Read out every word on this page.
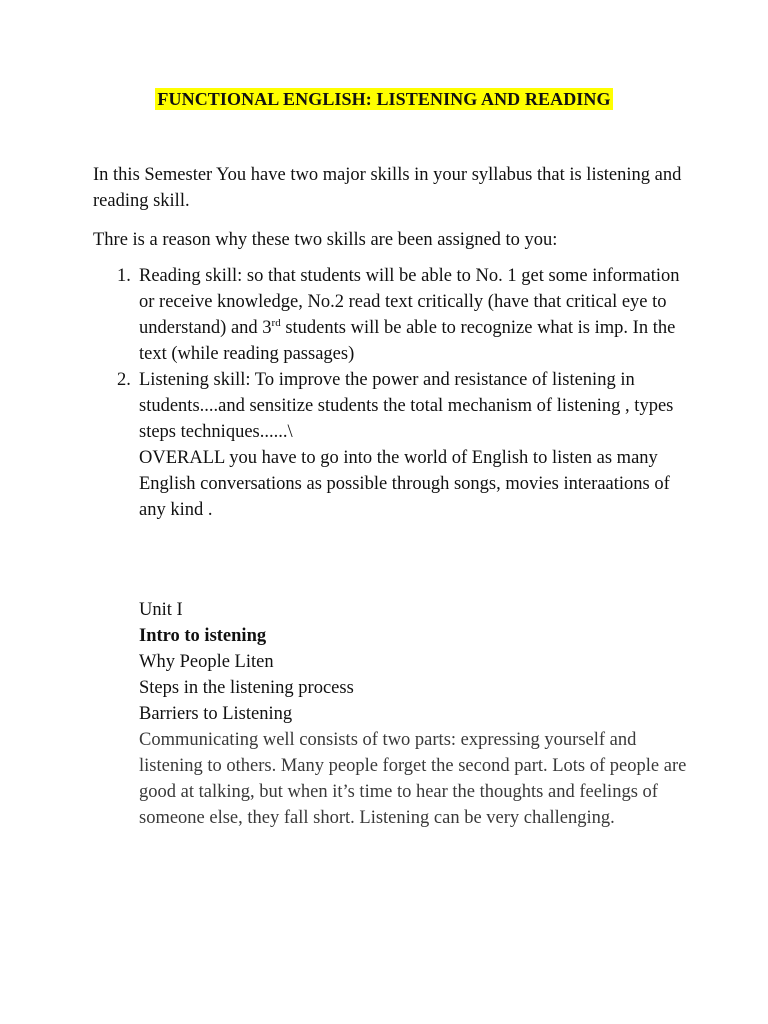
FUNCTIONAL ENGLISH: LISTENING AND READING

In this Semester You have two major skills in your syllabus that is listening and reading skill.

Thre is a reason why these two skills are been assigned to you:

1. Reading skill: so that students will be able to No. 1 get some information or receive knowledge, No.2 read text critically (have that critical eye to understand) and 3rd students will be able to recognize what is imp. In the text (while reading passages)
2. Listening skill: To improve the power and resistance of listening in students....and sensitize students the total mechanism of listening , types steps techniques......\
OVERALL you have to go into the world of English to listen as many English conversations as possible through songs, movies interaations of any kind .
Unit I
Intro to istening
Why People Liten
Steps in the listening process
Barriers to Listening
Communicating well consists of two parts: expressing yourself and listening to others. Many people forget the second part. Lots of people are good at talking, but when it’s time to hear the thoughts and feelings of someone else, they fall short. Listening can be very challenging.
